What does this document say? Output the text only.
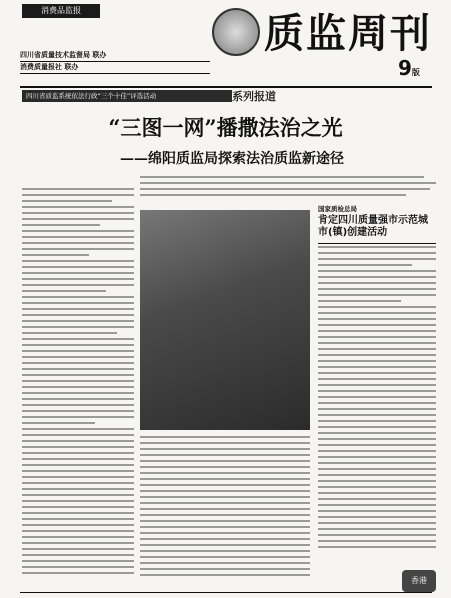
消费品监报
四川省质量技术监督局 联办
消费质量报社 联办
质监周刊
9版
四川省质监系统依法行政“三个十佳”评选活动	系列报道
“三图一网”播撒法治之光
——绵阳质监局探索法治质监新途径
国家质检总局
肯定四川质量强市示范城市(镇)创建活动
香港
